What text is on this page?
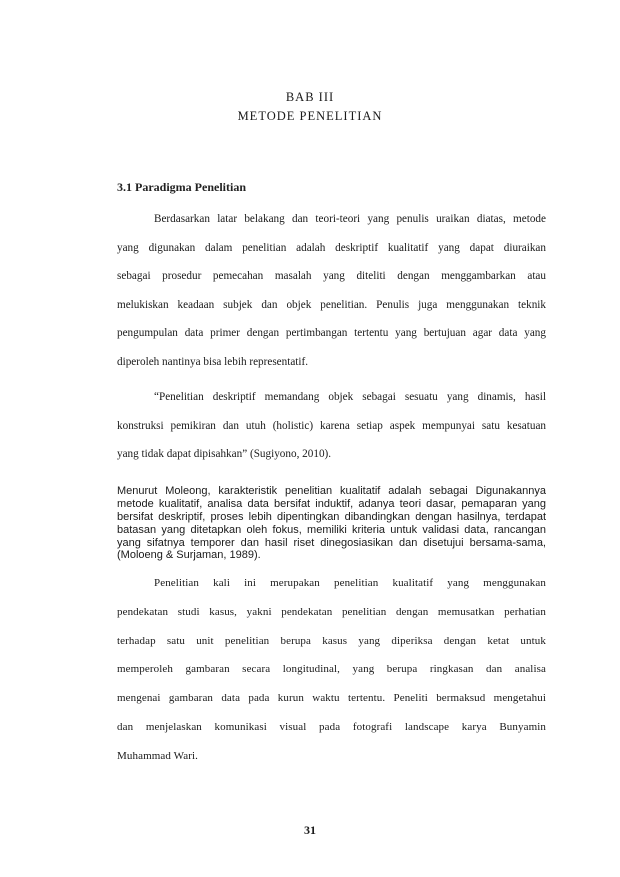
BAB III
METODE PENELITIAN
3.1 Paradigma Penelitian
Berdasarkan latar belakang dan teori-teori yang penulis uraikan diatas, metode
yang digunakan dalam penelitian adalah deskriptif kualitatif yang dapat diuraikan
sebagai prosedur pemecahan masalah yang diteliti dengan menggambarkan atau
melukiskan keadaan subjek dan objek penelitian. Penulis juga menggunakan teknik
pengumpulan data primer dengan pertimbangan tertentu yang bertujuan agar data yang
diperoleh nantinya bisa lebih representatif.
“Penelitian deskriptif memandang objek sebagai sesuatu yang dinamis, hasil
konstruksi pemikiran dan utuh (holistic) karena setiap aspek mempunyai satu kesatuan
yang tidak dapat dipisahkan” (Sugiyono, 2010).
Menurut Moleong, karakteristik penelitian kualitatif adalah sebagai Digunakannya
metode kualitatif, analisa data bersifat induktif, adanya teori dasar, pemaparan yang
bersifat deskriptif, proses lebih dipentingkan dibandingkan dengan hasilnya, terdapat
batasan yang ditetapkan oleh fokus, memiliki kriteria untuk validasi data, rancangan
yang sifatnya temporer dan hasil riset dinegosiasikan dan disetujui bersama-sama,
(Moloeng & Surjaman, 1989).
Penelitian kali ini merupakan penelitian kualitatif yang menggunakan
pendekatan studi kasus, yakni pendekatan penelitian dengan memusatkan perhatian
terhadap satu unit penelitian berupa kasus yang diperiksa dengan ketat untuk
memperoleh gambaran secara longitudinal, yang berupa ringkasan dan analisa
mengenai gambaran data pada kurun waktu tertentu. Peneliti bermaksud mengetahui
dan menjelaskan komunikasi visual pada fotografi landscape karya Bunyamin
Muhammad Wari.
31
